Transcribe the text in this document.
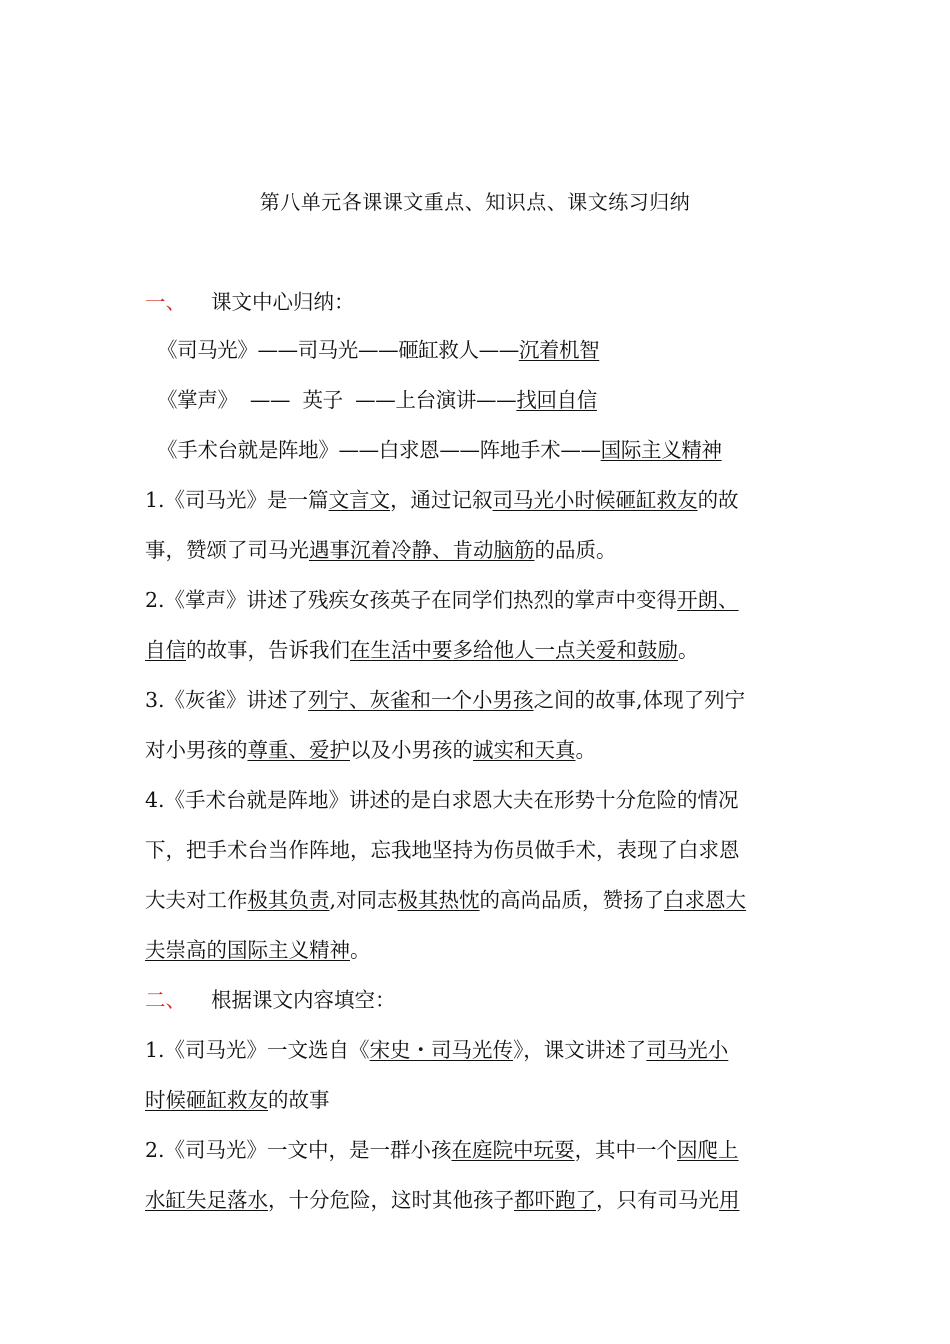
第八单元各课课文重点、知识点、课文练习归纳
一、 课文中心归纳：
《司马光》——司马光——砸缸救人——沉着机智
《掌声》  ——  英子  ——上台演讲——找回自信
《手术台就是阵地》——白求恩——阵地手术——国际主义精神
1.《司马光》是一篇文言文，通过记叙司马光小时候砸缸救友的故
事，赞颂了司马光遇事沉着冷静、肯动脑筋的品质。
2.《掌声》讲述了残疾女孩英子在同学们热烈的掌声中变得开朗、
自信的故事，告诉我们在生活中要多给他人一点关爱和鼓励。
3.《灰雀》讲述了列宁、灰雀和一个小男孩之间的故事,体现了列宁
对小男孩的尊重、爱护以及小男孩的诚实和天真。
4.《手术台就是阵地》讲述的是白求恩大夫在形势十分危险的情况
下，把手术台当作阵地，忘我地坚持为伤员做手术，表现了白求恩
大夫对工作极其负责,对同志极其热忱的高尚品质，赞扬了白求恩大
夫崇高的国际主义精神。
二、 根据课文内容填空：
1.《司马光》一文选自《宋史・司马光传》，课文讲述了司马光小
时候砸缸救友的故事
2.《司马光》一文中，是一群小孩在庭院中玩耍，其中一个因爬上
水缸失足落水，十分危险，这时其他孩子都吓跑了，只有司马光用
